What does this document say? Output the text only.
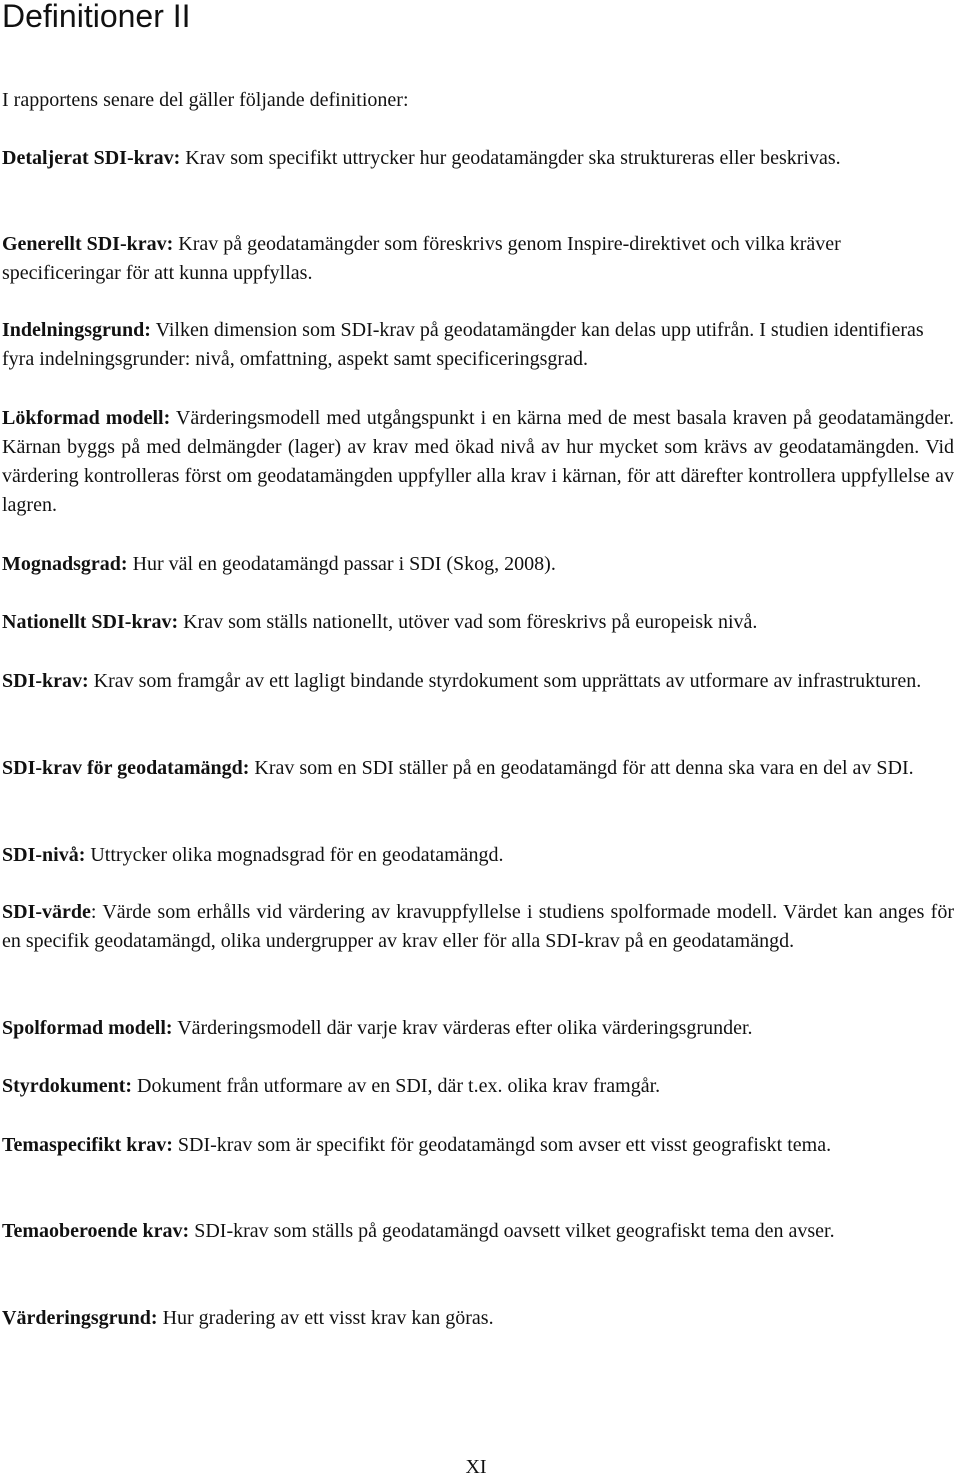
Definitioner II

I rapportens senare del gäller följande definitioner:

Detaljerat SDI-krav: Krav som specifikt uttrycker hur geodatamängder ska struktureras eller beskrivas.

Generellt SDI-krav: Krav på geodatamängder som föreskrivs genom Inspire-direktivet och vilka kräver specificeringar för att kunna uppfyllas.

Indelningsgrund: Vilken dimension som SDI-krav på geodatamängder kan delas upp utifrån. I studien identifieras fyra indelningsgrunder: nivå, omfattning, aspekt samt specificeringsgrad.

Lökformad modell: Värderingsmodell med utgångspunkt i en kärna med de mest basala kraven på geodatamängder. Kärnan byggs på med delmängder (lager) av krav med ökad nivå av hur mycket som krävs av geodatamängden. Vid värdering kontrolleras först om geodatamängden uppfyller alla krav i kärnan, för att därefter kontrollera uppfyllelse av lagren.

Mognadsgrad: Hur väl en geodatamängd passar i SDI (Skog, 2008).

Nationellt SDI-krav: Krav som ställs nationellt, utöver vad som föreskrivs på europeisk nivå.

SDI-krav: Krav som framgår av ett lagligt bindande styrdokument som upprättats av utformare av infrastrukturen.

SDI-krav för geodatamängd: Krav som en SDI ställer på en geodatamängd för att denna ska vara en del av SDI.

SDI-nivå: Uttrycker olika mognadsgrad för en geodatamängd.

SDI-värde: Värde som erhålls vid värdering av kravuppfyllelse i studiens spolformade modell. Värdet kan anges för en specifik geodatamängd, olika undergrupper av krav eller för alla SDI-krav på en geodatamängd.

Spolformad modell: Värderingsmodell där varje krav värderas efter olika värderingsgrunder.

Styrdokument: Dokument från utformare av en SDI, där t.ex. olika krav framgår.

Temaspecifikt krav: SDI-krav som är specifikt för geodatamängd som avser ett visst geografiskt tema.

Temaoberoende krav: SDI-krav som ställs på geodatamängd oavsett vilket geografiskt tema den avser.

Värderingsgrund: Hur gradering av ett visst krav kan göras.

XI
